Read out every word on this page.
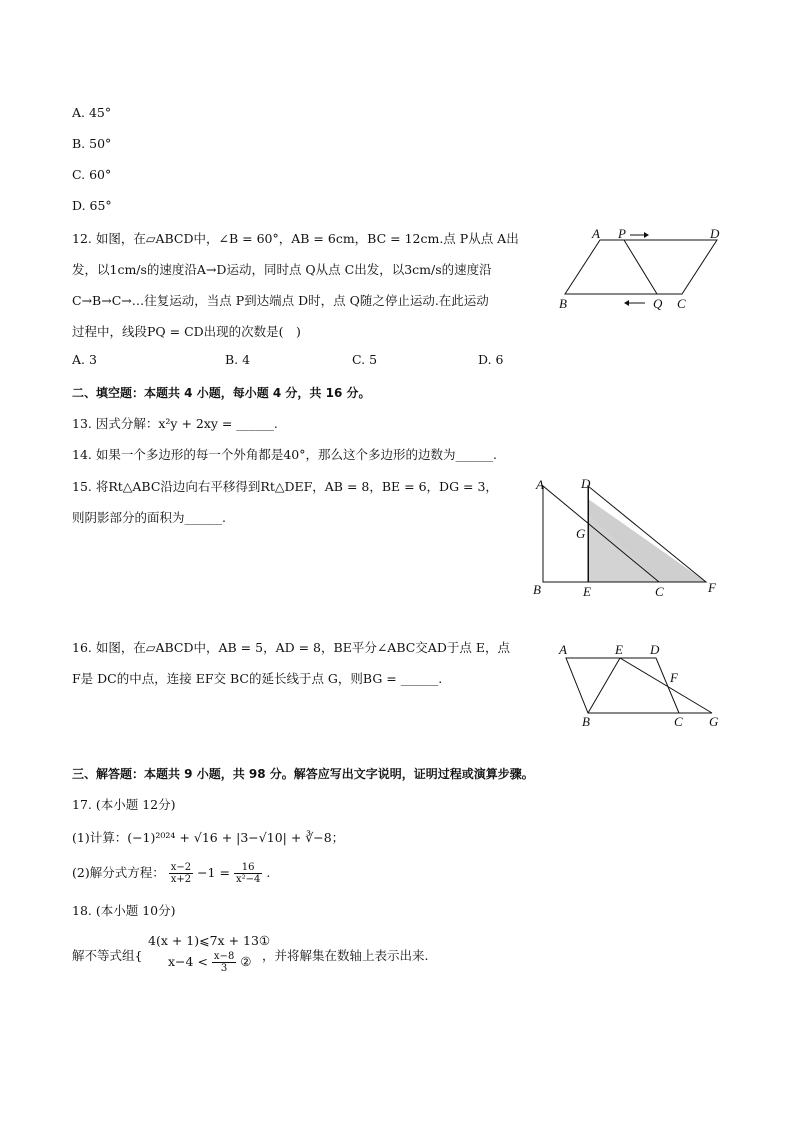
A. 45°
B. 50°
C. 60°
D. 65°
12. 如图，在▱ABCD中，∠B = 60°，AB = 6cm，BC = 12cm.点 P从点 A出
发，以1cm/s的速度沿A→D运动，同时点 Q从点 C出发，以3cm/s的速度沿
C→B→C→…往复运动，当点 P到达端点 D时，点 Q随之停止运动.在此运动
过程中，线段PQ = CD出现的次数是(　)
A. 3	B. 4	C. 5	D. 6
A P	D
B	Q C
二、填空题：本题共 4 小题，每小题 4 分，共 16 分。
13. 因式分解：x²y + 2xy = ______.
14. 如果一个多边形的每一个外角都是40°，那么这个多边形的边数为______.
15. 将Rt△ABC沿边向右平移得到Rt△DEF，AB = 8，BE = 6，DG = 3，
则阴影部分的面积为______.
A	D
G
B	E	C	F
16. 如图，在▱ABCD中，AB = 5，AD = 8，BE平分∠ABC交AD于点 E，点
F是 DC的中点，连接 EF交 BC的延长线于点 G，则BG = ______.
A	E D
F
B	C G
三、解答题：本题共 9 小题，共 98 分。解答应写出文字说明，证明过程或演算步骤。
17. (本小题 12分)
(1)计算：(−1)²⁰²⁴ + √16 + |3−√10| + ∛−8；
(2)解分式方程： $\frac{x-2}{x+2} -1 = \frac{16}{\text{x²−4}}$ .
18. (本小题 10分)
解不等式组{
4(x + 1)⩽7x + 13①
$x-4 < \frac{x-8}{3}$ ② ，并将解集在数轴上表示出来.
